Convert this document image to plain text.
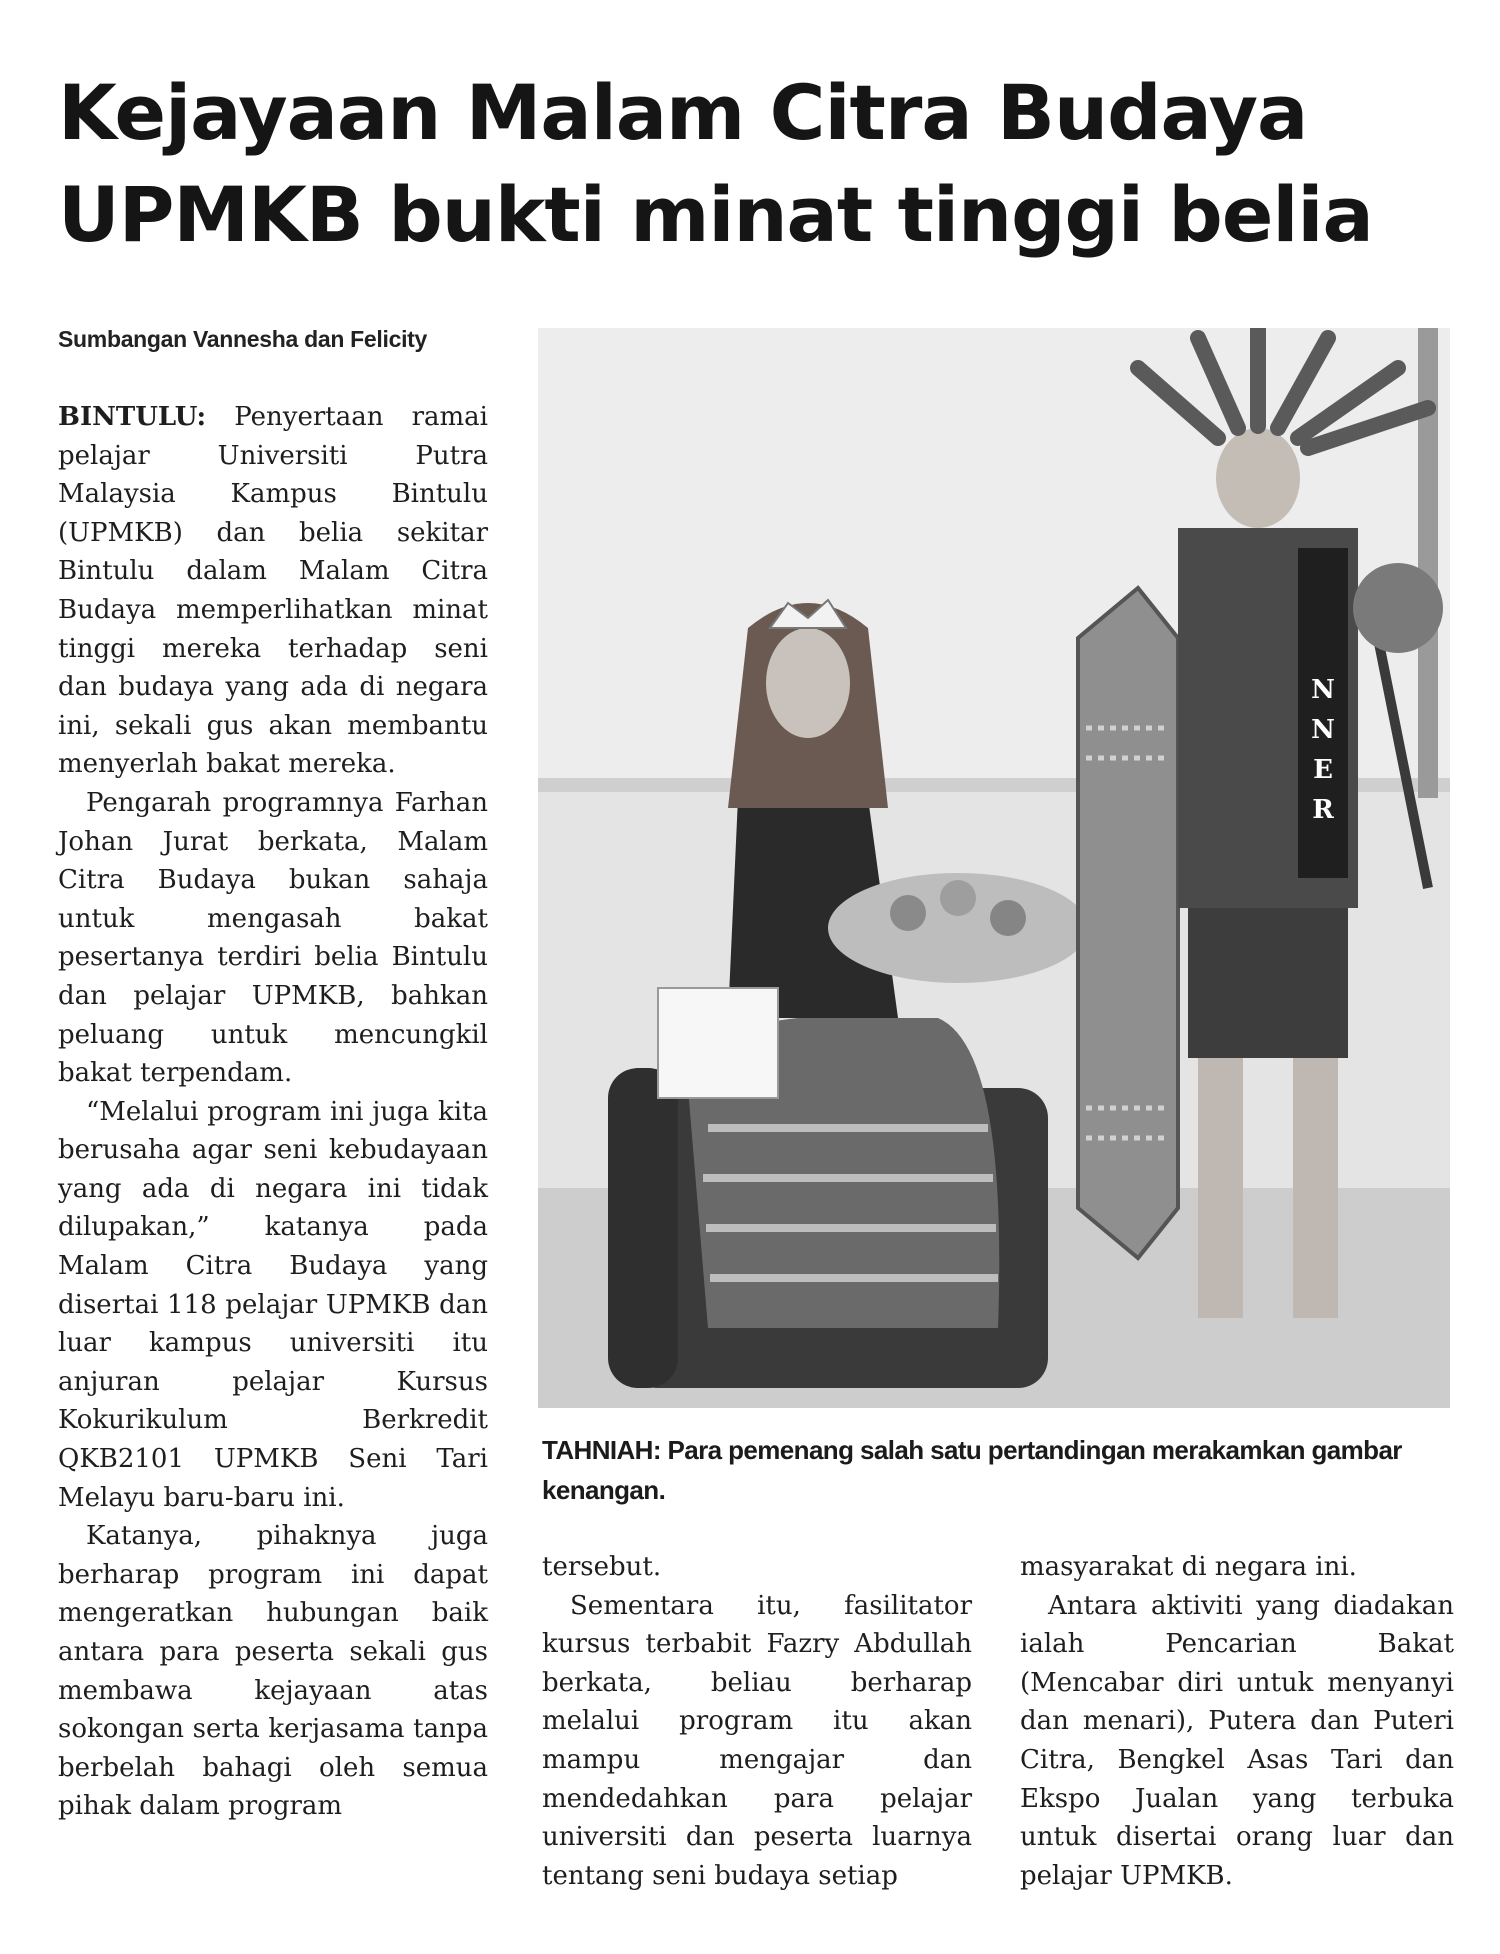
Kejayaan Malam Citra Budaya
UPMKB bukti minat tinggi belia

Sumbangan Vannesha dan Felicity

BINTULU: Penyertaan ramai pelajar Universiti Putra Malaysia Kampus Bintulu (UPMKB) dan belia sekitar Bintulu dalam Malam Citra Budaya memperlihatkan minat tinggi mereka terhadap seni dan budaya yang ada di negara ini, sekali gus akan membantu menyerlah bakat mereka.

Pengarah programnya Farhan Johan Jurat berkata, Malam Citra Budaya bukan sahaja untuk mengasah bakat pesertanya terdiri belia Bintulu dan pelajar UPMKB, bahkan peluang untuk mencungkil bakat terpendam.

“Melalui program ini juga kita berusaha agar seni kebudayaan yang ada di negara ini tidak dilupakan,” katanya pada Malam Citra Budaya yang disertai 118 pelajar UPMKB dan luar kampus universiti itu anjuran pelajar Kursus Kokurikulum Berkredit QKB2101 UPMKB Seni Tari Melayu baru-baru ini.

Katanya, pihaknya juga berharap program ini dapat mengeratkan hubungan baik antara para peserta sekali gus membawa kejayaan atas sokongan serta kerjasama tanpa berbelah bahagi oleh semua pihak dalam program

N
N
E
R

TAHNIAH: Para pemenang salah satu pertandingan merakamkan gambar kenangan.

tersebut.

Sementara itu, fasilitator kursus terbabit Fazry Abdullah berkata, beliau berharap melalui program itu akan mampu mengajar dan mendedahkan para pelajar universiti dan peserta luarnya tentang seni budaya setiap

masyarakat di negara ini.

Antara aktiviti yang diadakan ialah Pencarian Bakat (Mencabar diri untuk menyanyi dan menari), Putera dan Puteri Citra, Bengkel Asas Tari dan Ekspo Jualan yang terbuka untuk disertai orang luar dan pelajar UPMKB.
